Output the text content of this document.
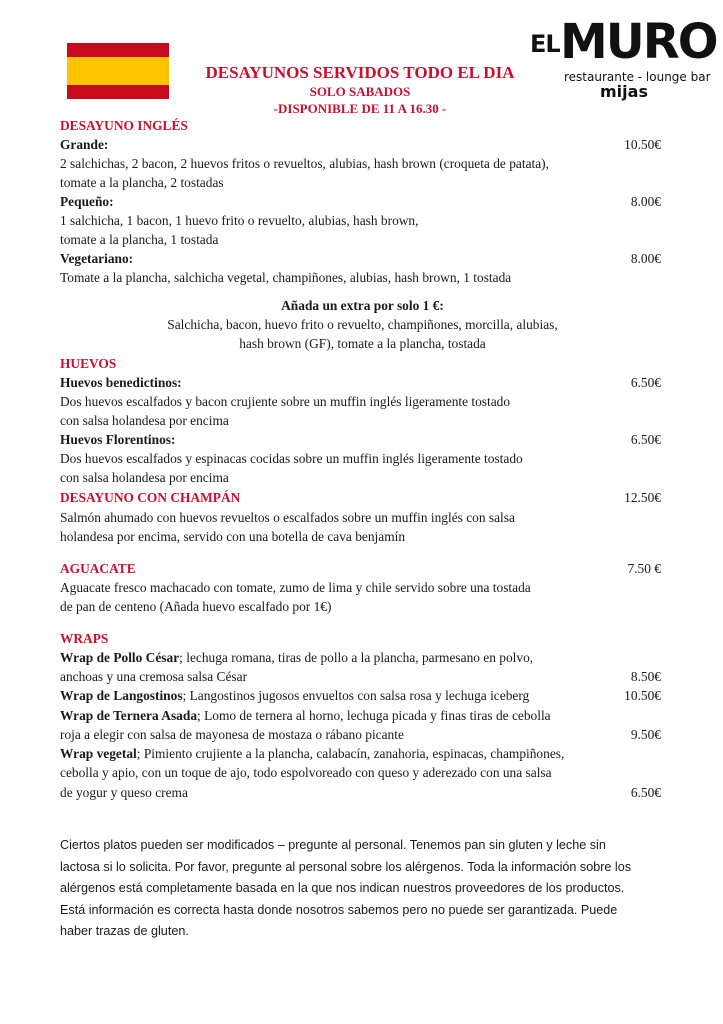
EL MURO
restaurante - lounge bar
mijas
DESAYUNOS SERVIDOS TODO EL DIA
SOLO SABADOS
-DISPONIBLE DE 11 A 16.30 -
DESAYUNO INGLÉS
Grande:	10.50€
2 salchichas, 2 bacon, 2 huevos fritos o revueltos, alubias, hash brown (croqueta de patata),
tomate a la plancha, 2 tostadas
Pequeño:	8.00€
1 salchicha, 1 bacon, 1 huevo frito o revuelto, alubias, hash brown,
tomate a la plancha, 1 tostada
Vegetariano:	8.00€
Tomate a la plancha, salchicha vegetal, champiñones, alubias, hash brown, 1 tostada
Añada un extra por solo 1 €:
Salchicha, bacon, huevo frito o revuelto, champiñones, morcilla, alubias,
hash brown (GF), tomate a la plancha, tostada
HUEVOS
Huevos benedictinos:	6.50€
Dos huevos escalfados y bacon crujiente sobre un muffin inglés ligeramente tostado
con salsa holandesa por encima
Huevos Florentinos:	6.50€
Dos huevos escalfados y espinacas cocidas sobre un muffin inglés ligeramente tostado
con salsa holandesa por encima
DESAYUNO CON CHAMPÁN	12.50€
Salmón ahumado con huevos revueltos o escalfados sobre un muffin inglés con salsa
holandesa por encima, servido con una botella de cava benjamín
AGUACATE	7.50 €
Aguacate fresco machacado con tomate, zumo de lima y chile servido sobre una tostada
de pan de centeno (Añada huevo escalfado por 1€)
WRAPS
Wrap de Pollo César; lechuga romana, tiras de pollo a la plancha, parmesano en polvo,
anchoas y una cremosa salsa César	8.50€
Wrap de Langostinos; Langostinos jugosos envueltos con salsa rosa y lechuga iceberg	10.50€
Wrap de Ternera Asada; Lomo de ternera al horno, lechuga picada y finas tiras de cebolla
roja a elegir con salsa de mayonesa de mostaza o rábano picante	9.50€
Wrap vegetal; Pimiento crujiente a la plancha, calabacín, zanahoria, espinacas, champiñones,
cebolla y apio, con un toque de ajo, todo espolvoreado con queso y aderezado con una salsa
de yogur y queso crema	6.50€
Ciertos platos pueden ser modificados – pregunte al personal. Tenemos pan sin gluten y leche sin
lactosa si lo solicita. Por favor, pregunte al personal sobre los alérgenos. Toda la información sobre los
alérgenos está completamente basada en la que nos indican nuestros proveedores de los productos.
Está información es correcta hasta donde nosotros sabemos pero no puede ser garantizada. Puede
haber trazas de gluten.
